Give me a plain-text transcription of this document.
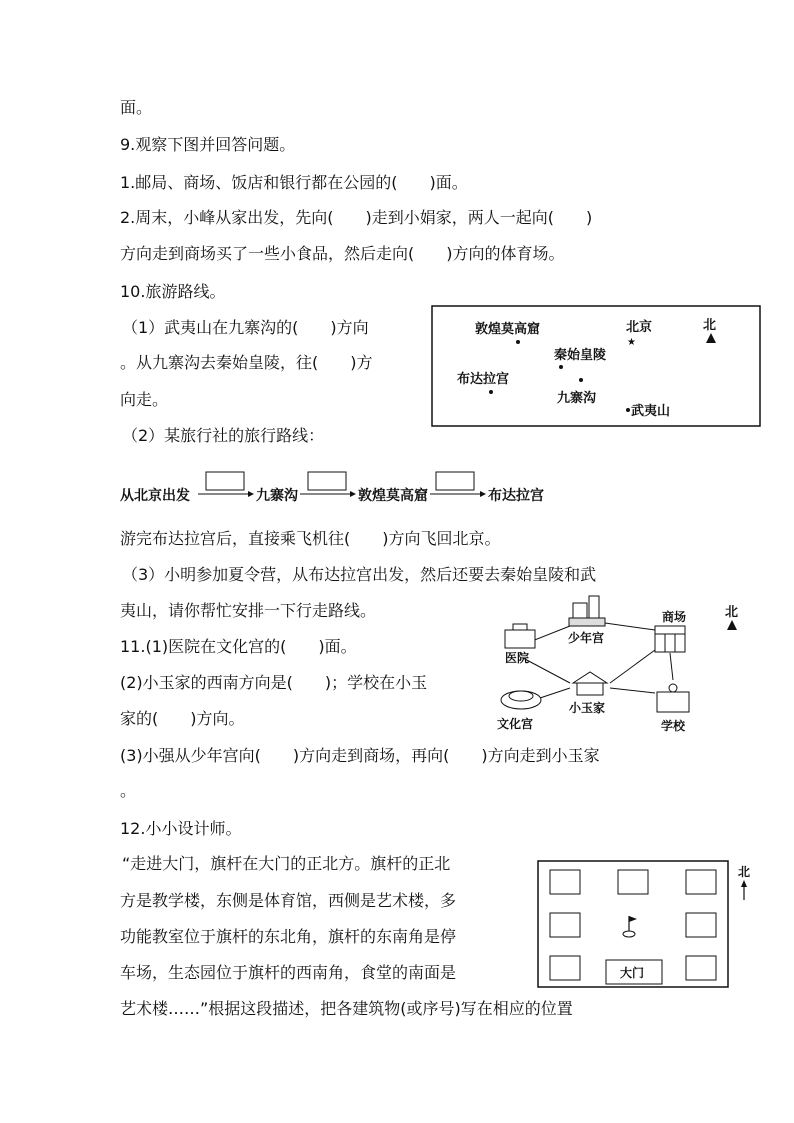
面。
9.观察下图并回答问题。
1.邮局、商场、饭店和银行都在公园的(　　)面。
2.周末，小峰从家出发，先向(　　)走到小娟家，两人一起向(　　)
方向走到商场买了一些小食品，然后走向(　　)方向的体育场。
10.旅游路线。
（1）武夷山在九寨沟的(　　)方向
。从九寨沟去秦始皇陵，往(　　)方
向走。
（2）某旅行社的旅行路线：
从北京出发	九寨沟	敦煌莫高窟	布达拉宫
游完布达拉宫后，直接乘飞机往(　　)方向飞回北京。
（3）小明参加夏令营，从布达拉宫出发，然后还要去秦始皇陵和武
夷山，请你帮忙安排一下行走路线。
11.(1)医院在文化宫的(　　)面。
(2)小玉家的西南方向是(　　)；学校在小玉
家的(　　)方向。
(3)小强从少年宫向(　　)方向走到商场，再向(　　)方向走到小玉家
。
12.小小设计师。
“走进大门，旗杆在大门的正北方。旗杆的正北
方是教学楼，东侧是体育馆，西侧是艺术楼，多
功能教室位于旗杆的东北角，旗杆的东南角是停
车场，生态园位于旗杆的西南角，食堂的南面是
艺术楼……”根据这段描述，把各建筑物(或序号)写在相应的位置
敦煌莫高窟	北京
★
秦始皇陵
布达拉宫
九寨沟
武夷山
北
少年宫
商场
医院
小玉家
文化宫	学校
北
大门
北
